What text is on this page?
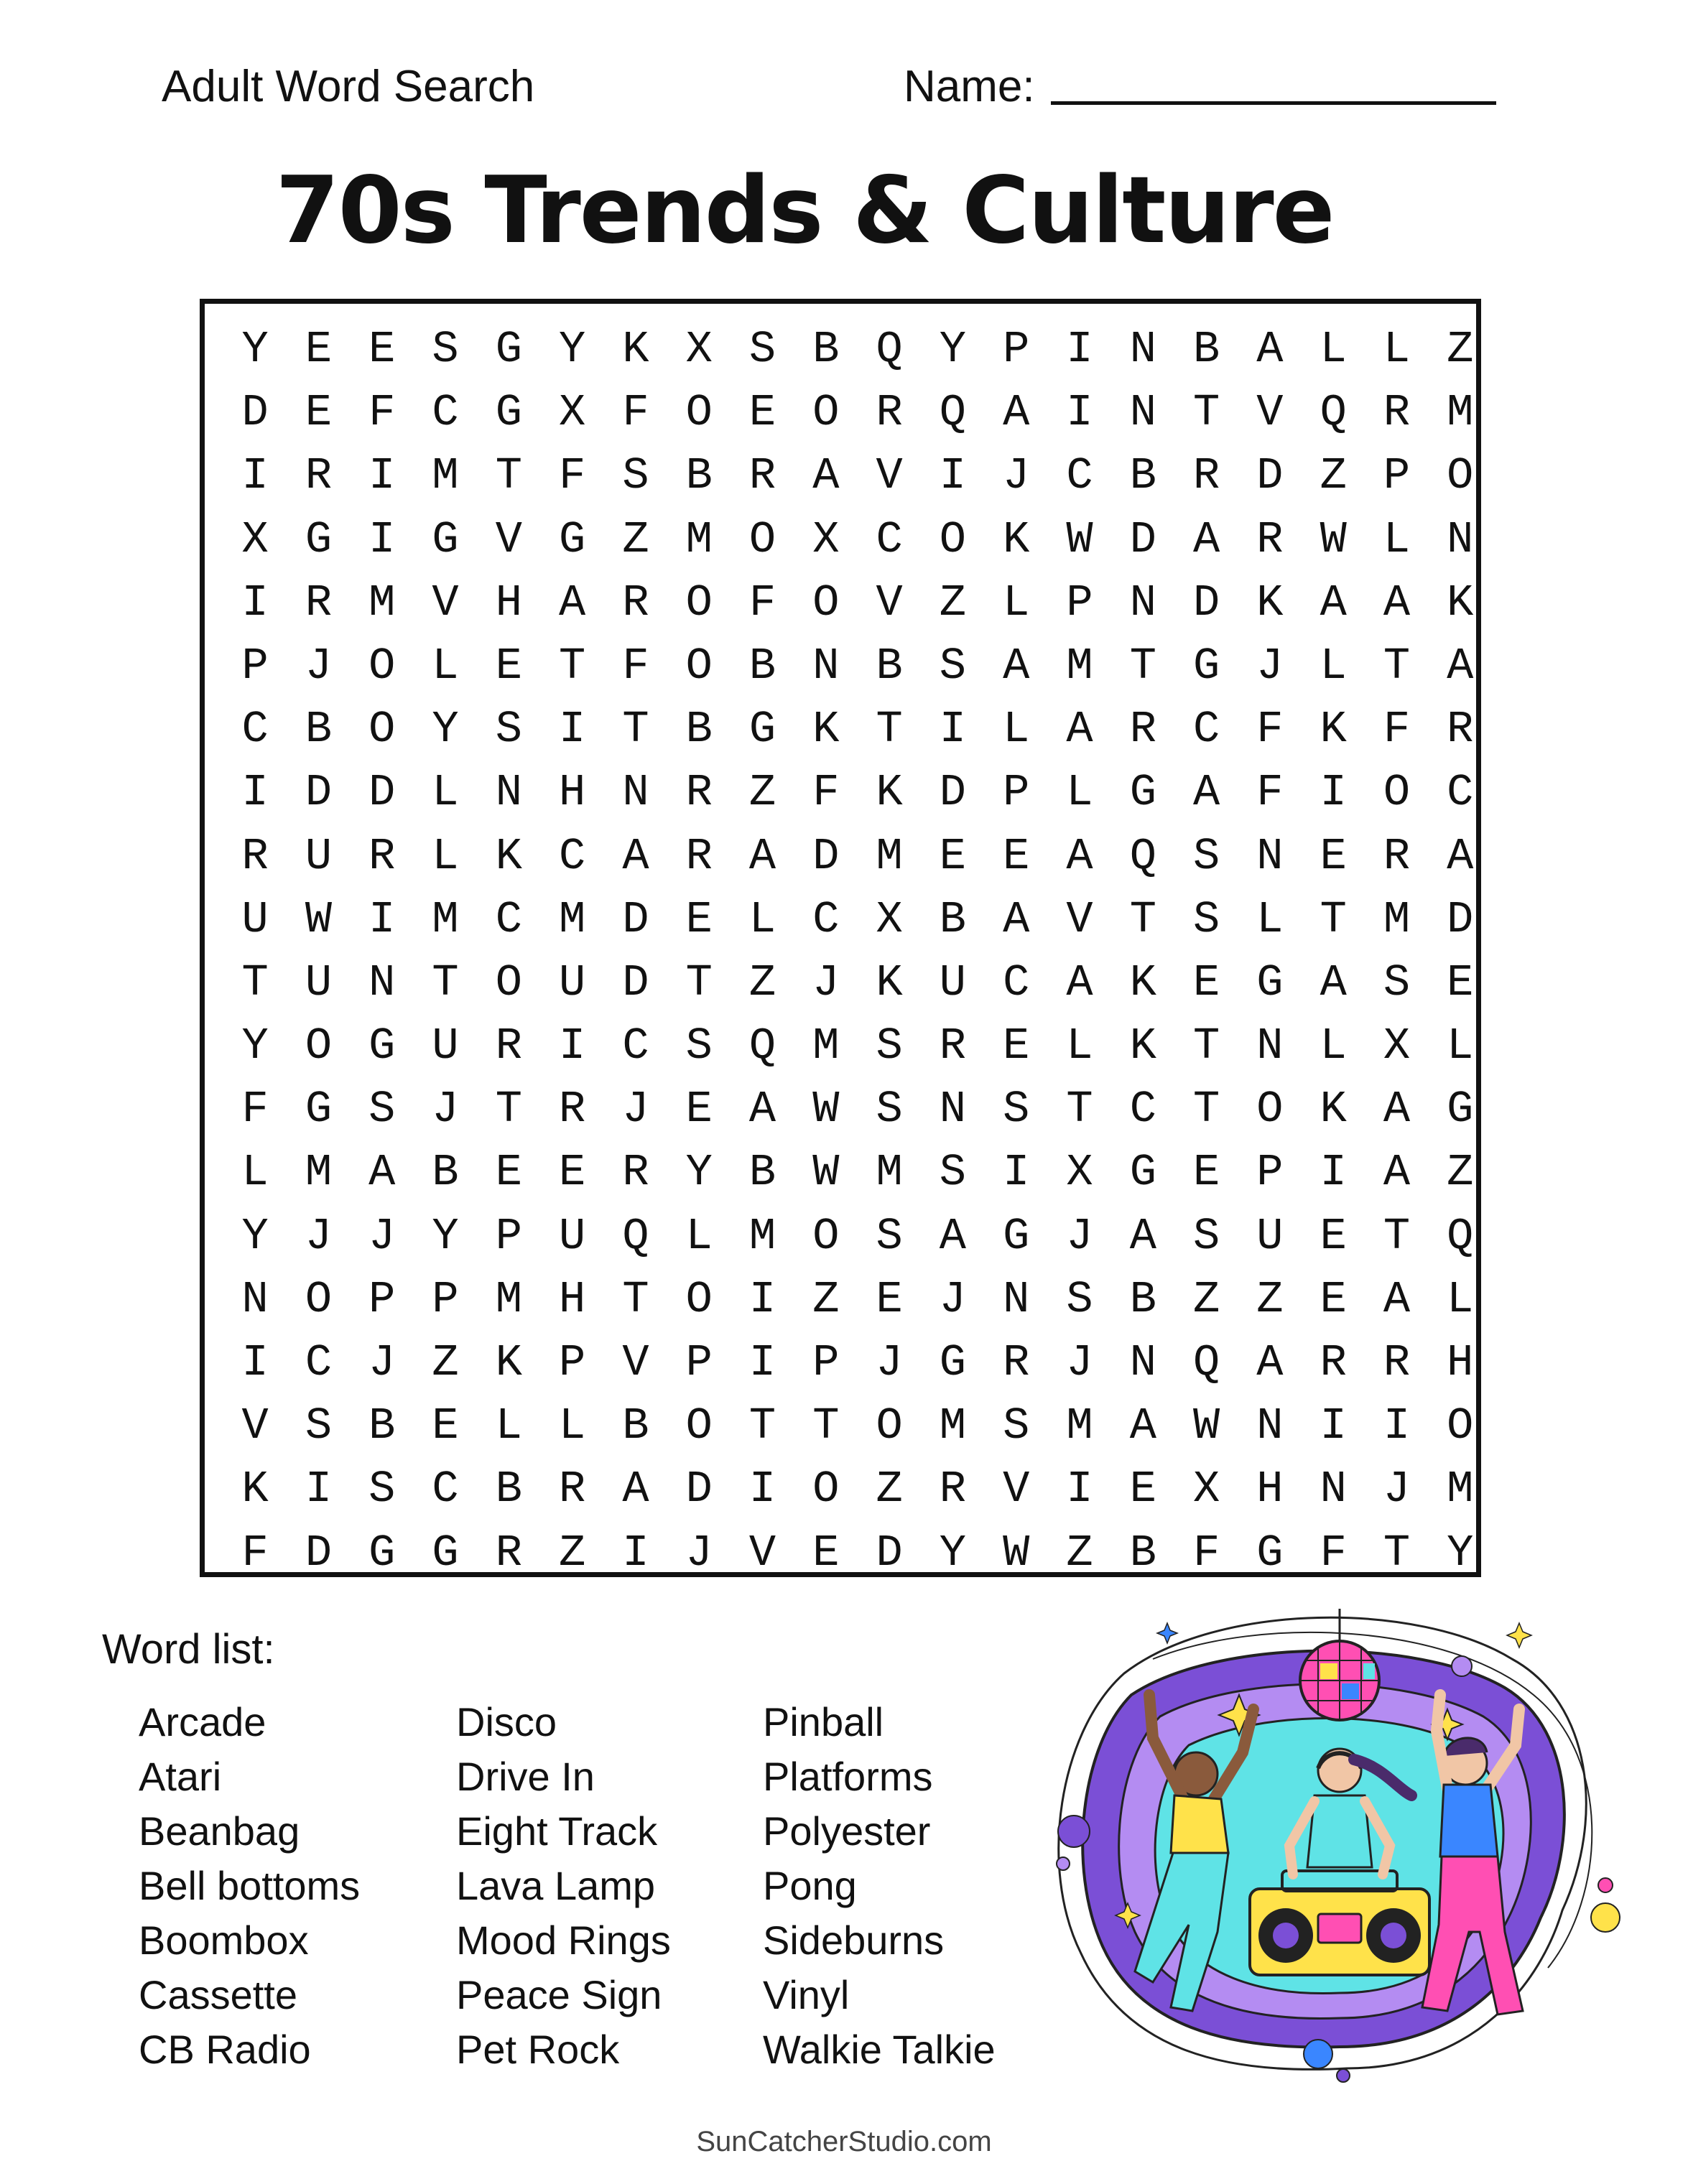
Adult Word Search	Name:
70s Trends & Culture
Y E E S G Y K X S B Q Y P I N B A L L Z
D E F C G X F O E O R Q A I N T V Q R M
I R I M T F S B R A V I J C B R D Z P O
X G I G V G Z M O X C O K W D A R W L N
I R M V H A R O F O V Z L P N D K A A K
P J O L E T F O B N B S A M T G J L T A
C B O Y S I T B G K T I L A R C F K F R
I D D L N H N R Z F K D P L G A F I O C
R U R L K C A R A D M E E A Q S N E R A
U W I M C M D E L C X B A V T S L T M D
T U N T O U D T Z J K U C A K E G A S E
Y O G U R I C S Q M S R E L K T N L X L
F G S J T R J E A W S N S T C T O K A G
L M A B E E R Y B W M S I X G E P I A Z
Y J J Y P U Q L M O S A G J A S U E T Q
N O P P M H T O I Z E J N S B Z Z E A L
I C J Z K P V P I P J G R J N Q A R R H
V S B E L L B O T T O M S M A W N I I O
K I S C B R A D I O Z R V I E X H N J M
F D G G R Z I J V E D Y W Z B F G F T Y
Word list:
Arcade
Atari
Beanbag
Bell bottoms
Boombox
Cassette
CB Radio
Disco
Drive In
Eight Track
Lava Lamp
Mood Rings
Peace Sign
Pet Rock
Pinball
Platforms
Polyester
Pong
Sideburns
Vinyl
Walkie Talkie
SunCatcherStudio.com
